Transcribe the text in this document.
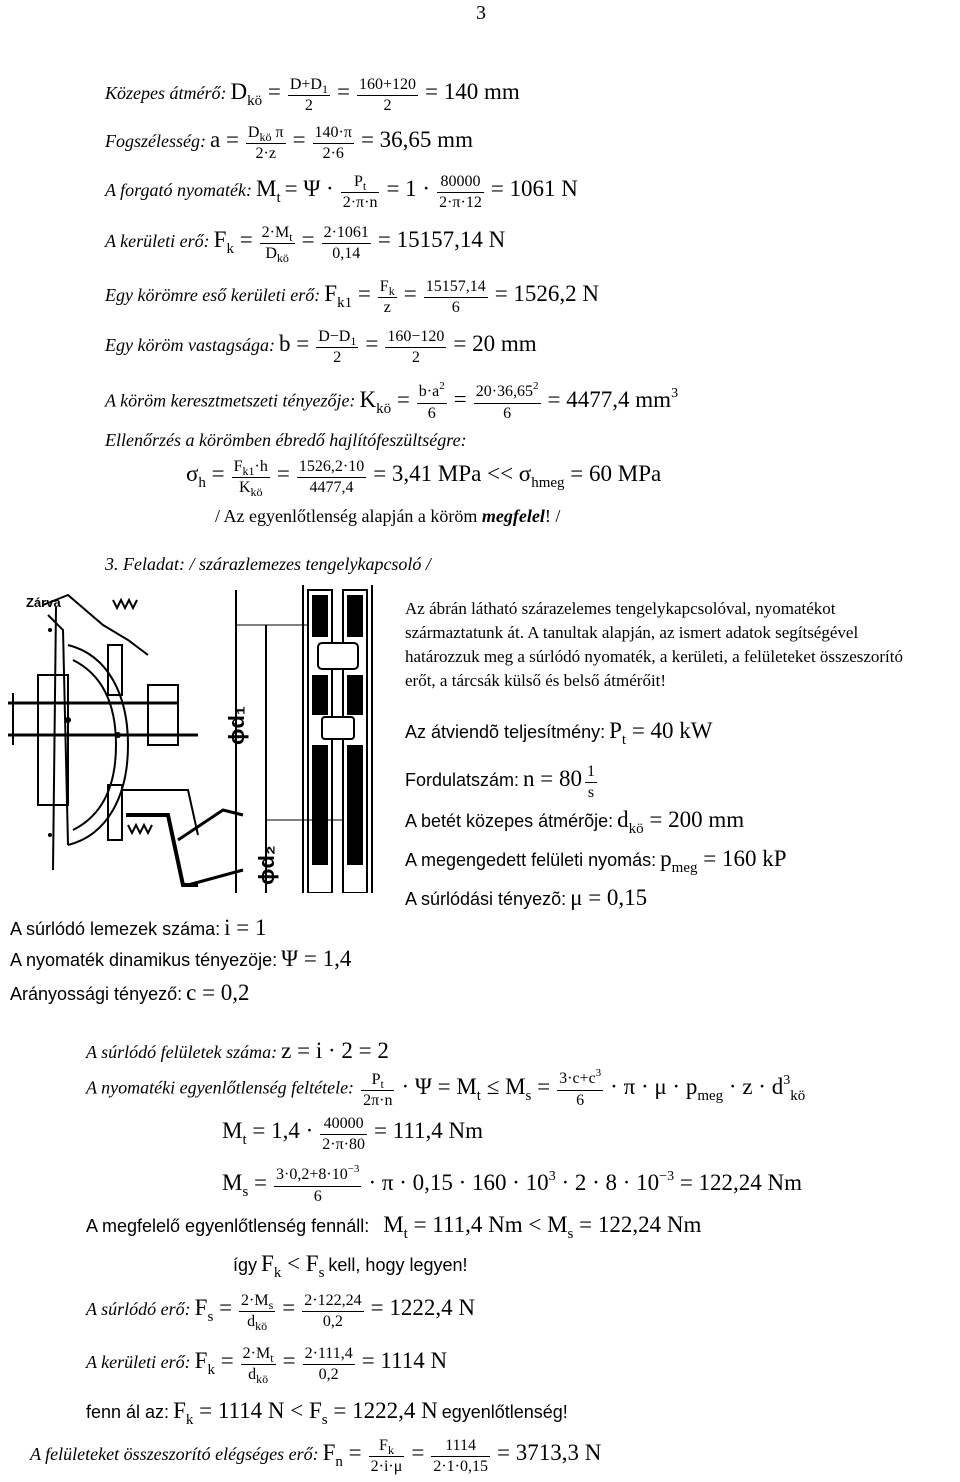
3
Közepes átmérő: $D_{kö} = \frac{D+D_1}{2} = \frac{160+120}{2} = 140$ mm
Fogszélesség: $a = \frac{D_{kö} \pi}{2\cdot z} = \frac{140\cdot\pi}{2\cdot 6} = 36,65$ mm
A forgató nyomaték: $M_t = \Psi \cdot \frac{P_t}{2\cdot\pi\cdot n} = 1 \cdot \frac{80000}{2\cdot\pi\cdot 12} = 1061$ N
A kerületi erő: $F_k = \frac{2\cdot M_t}{D_{kö}} = \frac{2\cdot 1061}{0,14} = 15157,14$ N
Egy körömre eső kerületi erő: $F_{k1} = \frac{F_k}{z} = \frac{15157,14}{6} = 1526,2$ N
Egy köröm vastagsága: $b = \frac{D-D_1}{2} = \frac{160-120}{2} = 20$ mm
A köröm keresztmetszeti tényezője: $K_{kö} = \frac{b\cdot a^2}{6} = \frac{20\cdot 36,65^2}{6} = 4477,4$ $mm^3$
Ellenőrzés a körömben ébredő hajlítófeszültségre:
$\sigma_h = \frac{F_{k1}\cdot h}{K_{kö}} = \frac{1526,2\cdot 10}{4477,4} = 3,41$ MPa << $\sigma_{hmeg} = 60$ MPa
/ Az egyenlőtlenség alapján a köröm megfelel! /
3. Feladat: / szárazlemezes tengelykapcsoló /
Zárva
ϕd₁
ϕd₂
Az ábrán látható szárazelemes tengelykapcsolóval, nyomatékot származtatunk át. A tanultak alapján, az ismert adatok segítségével határozzuk meg a súrlódó nyomaték, a kerületi, a felületeket összeszorító erőt, a tárcsák külső és belső átmérőit!
Az átviendõ teljesítmény: $P_t = 40$ kW
Fordulatszám: $n = 80 \frac{1}{s}$
A betét közepes átmérõje: $d_{kö} = 200$ mm
A megengedett felületi nyomás: $p_{meg} = 160$ kP
A súrlódási tényezõ: μ = 0,15
A súrlódó lemezek száma: i = 1
A nyomaték dinamikus tényezöje: Ψ = 1,4
Arányossági tényező: c = 0,2
A súrlódó felületek száma: z = i · 2 = 2
A nyomatéki egyenlőtlenség feltétele: $\frac{P_t}{2\pi\cdot n} \cdot \Psi = M_t \le M_s = \frac{3\cdot c+c^3}{6} \cdot \pi \cdot \mu \cdot p_{meg} \cdot z \cdot d^3_{kö}$
$M_t = 1,4 \cdot \frac{40000}{2\cdot\pi\cdot 80} = 111,4$ Nm
$M_s = \frac{3\cdot 0,2+8\cdot 10^{-3}}{6} \cdot \pi \cdot 0,15 \cdot 160 \cdot 10^3 \cdot 2 \cdot 8 \cdot 10^{-3} = 122,24$ Nm
A megfelelő egyenlőtlenség fennáll: $M_t = 111,4$ $Nm < M_s = 122,24$ Nm
így $F_k < F_s$ kell, hogy legyen!
A súrlódó erő: $F_s = \frac{2\cdot M_s}{d_{kö}} = \frac{2\cdot 122,24}{0,2} = 1222,4$ N
A kerületi erő: $F_k = \frac{2\cdot M_t}{d_{kö}} = \frac{2\cdot 111,4}{0,2} = 1114$ N
fenn ál az: $F_k = 1114$ $N < F_s = 1222,4$ N egyenlőtlenség!
A felületeket összeszorító elégséges erő: $F_n = \frac{F_k}{2\cdot i\cdot\mu} = \frac{1114}{2\cdot 1\cdot 0,15} = 3713,3$ N
